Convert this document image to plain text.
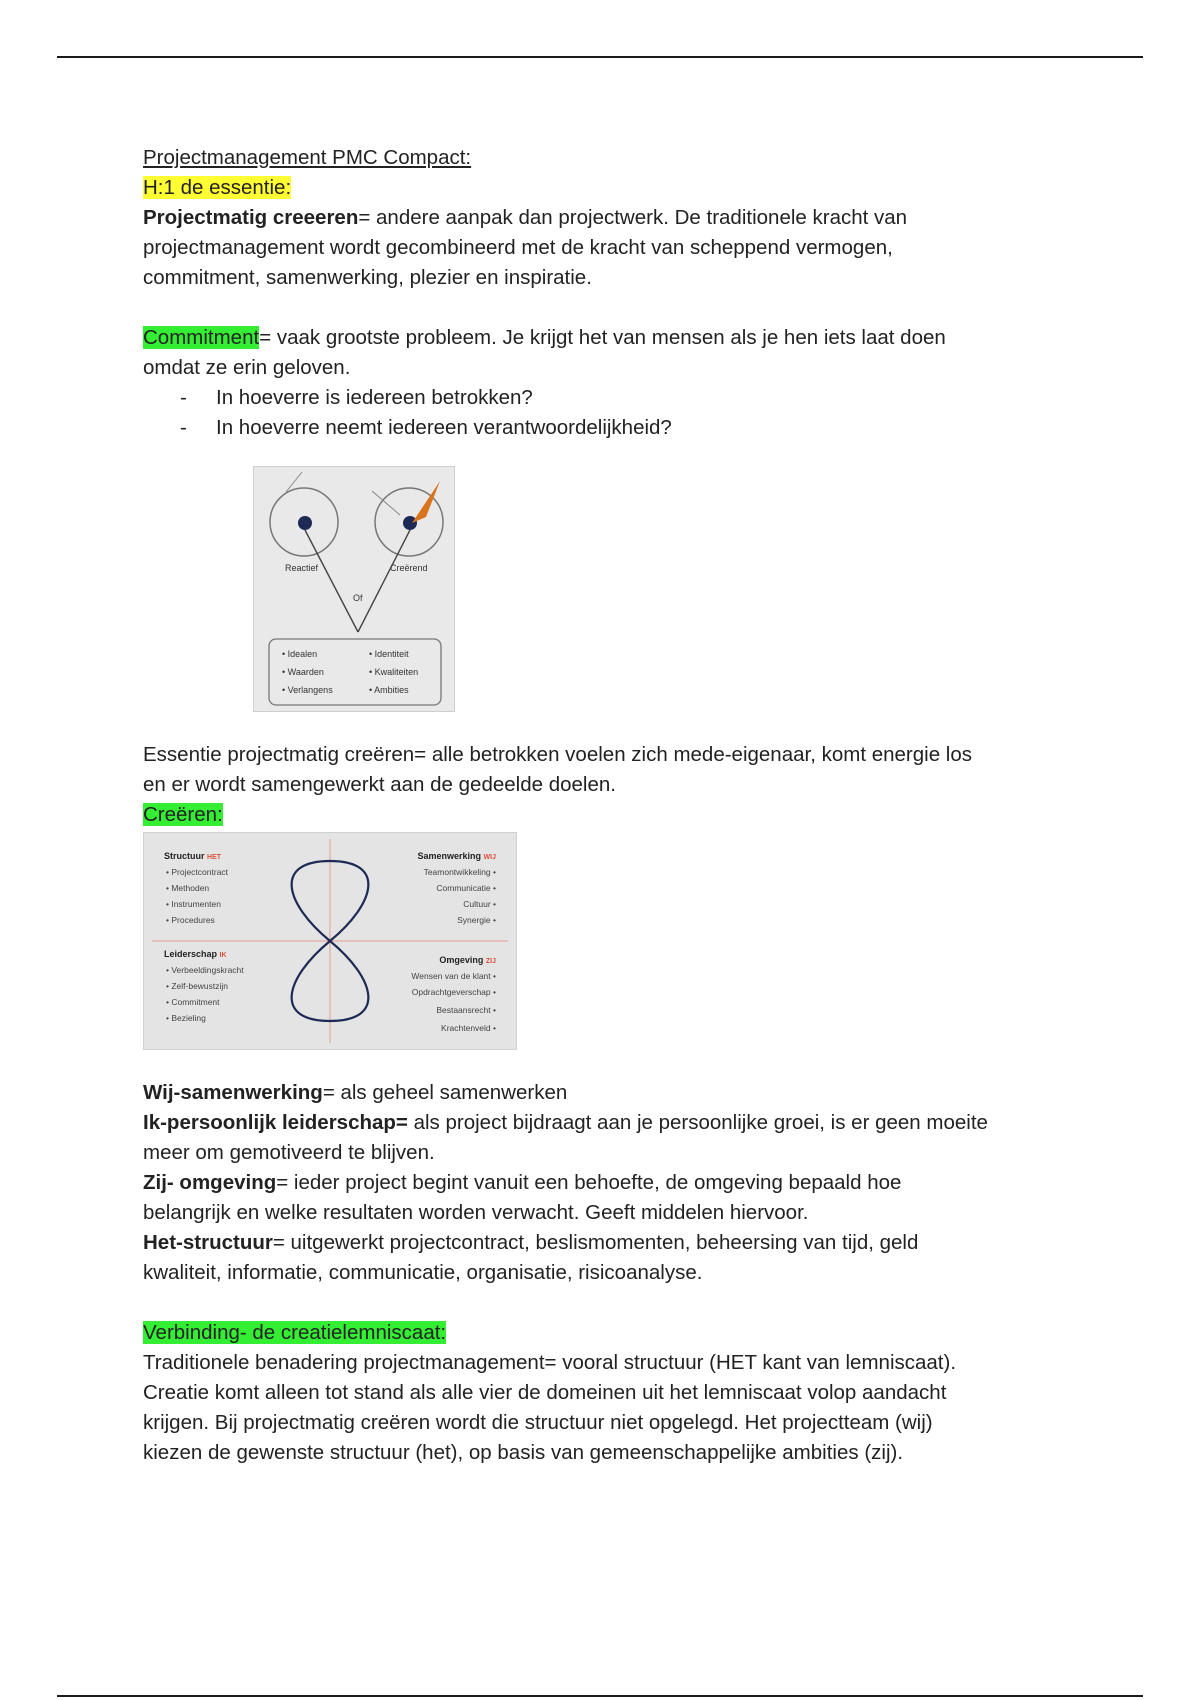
Projectmanagement PMC Compact:
H:1 de essentie:
Projectmatig creeeren= andere aanpak dan projectwerk. De traditionele kracht van
projectmanagement wordt gecombineerd met de kracht van scheppend vermogen,
commitment, samenwerking, plezier en inspiratie.
Commitment= vaak grootste probleem. Je krijgt het van mensen als je hen iets laat doen
omdat ze erin geloven.
- In hoeverre is iedereen betrokken?
- In hoeverre neemt iedereen verantwoordelijkheid?
Reactief	Creërend
Of
• Idealen
• Waarden
• Verlangens
• Identiteit
• Kwaliteiten
• Ambities
Essentie projectmatig creëren= alle betrokken voelen zich mede-eigenaar, komt energie los
en er wordt samengewerkt aan de gedeelde doelen.
Creëren:
Structuur HET
• Projectcontract
• Methoden
• Instrumenten
• Procedures
Samenwerking WIJ
Teamontwikkeling •
Communicatie •
Cultuur •
Synergie •
Leiderschap IK
• Verbeeldingskracht
• Zelf-bewustzijn
• Commitment
• Bezieling
Omgeving ZIJ
Wensen van de klant •
Opdrachtgeverschap •
Bestaansrecht •
Krachtenveld •
Wij-samenwerking= als geheel samenwerken
Ik-persoonlijk leiderschap= als project bijdraagt aan je persoonlijke groei, is er geen moeite
meer om gemotiveerd te blijven.
Zij- omgeving= ieder project begint vanuit een behoefte, de omgeving bepaald hoe
belangrijk en welke resultaten worden verwacht. Geeft middelen hiervoor.
Het-structuur= uitgewerkt projectcontract, beslismomenten, beheersing van tijd, geld
kwaliteit, informatie, communicatie, organisatie, risicoanalyse.
Verbinding- de creatielemniscaat:
Traditionele benadering projectmanagement= vooral structuur (HET kant van lemniscaat).
Creatie komt alleen tot stand als alle vier de domeinen uit het lemniscaat volop aandacht
krijgen. Bij projectmatig creëren wordt die structuur niet opgelegd. Het projectteam (wij)
kiezen de gewenste structuur (het), op basis van gemeenschappelijke ambities (zij).
